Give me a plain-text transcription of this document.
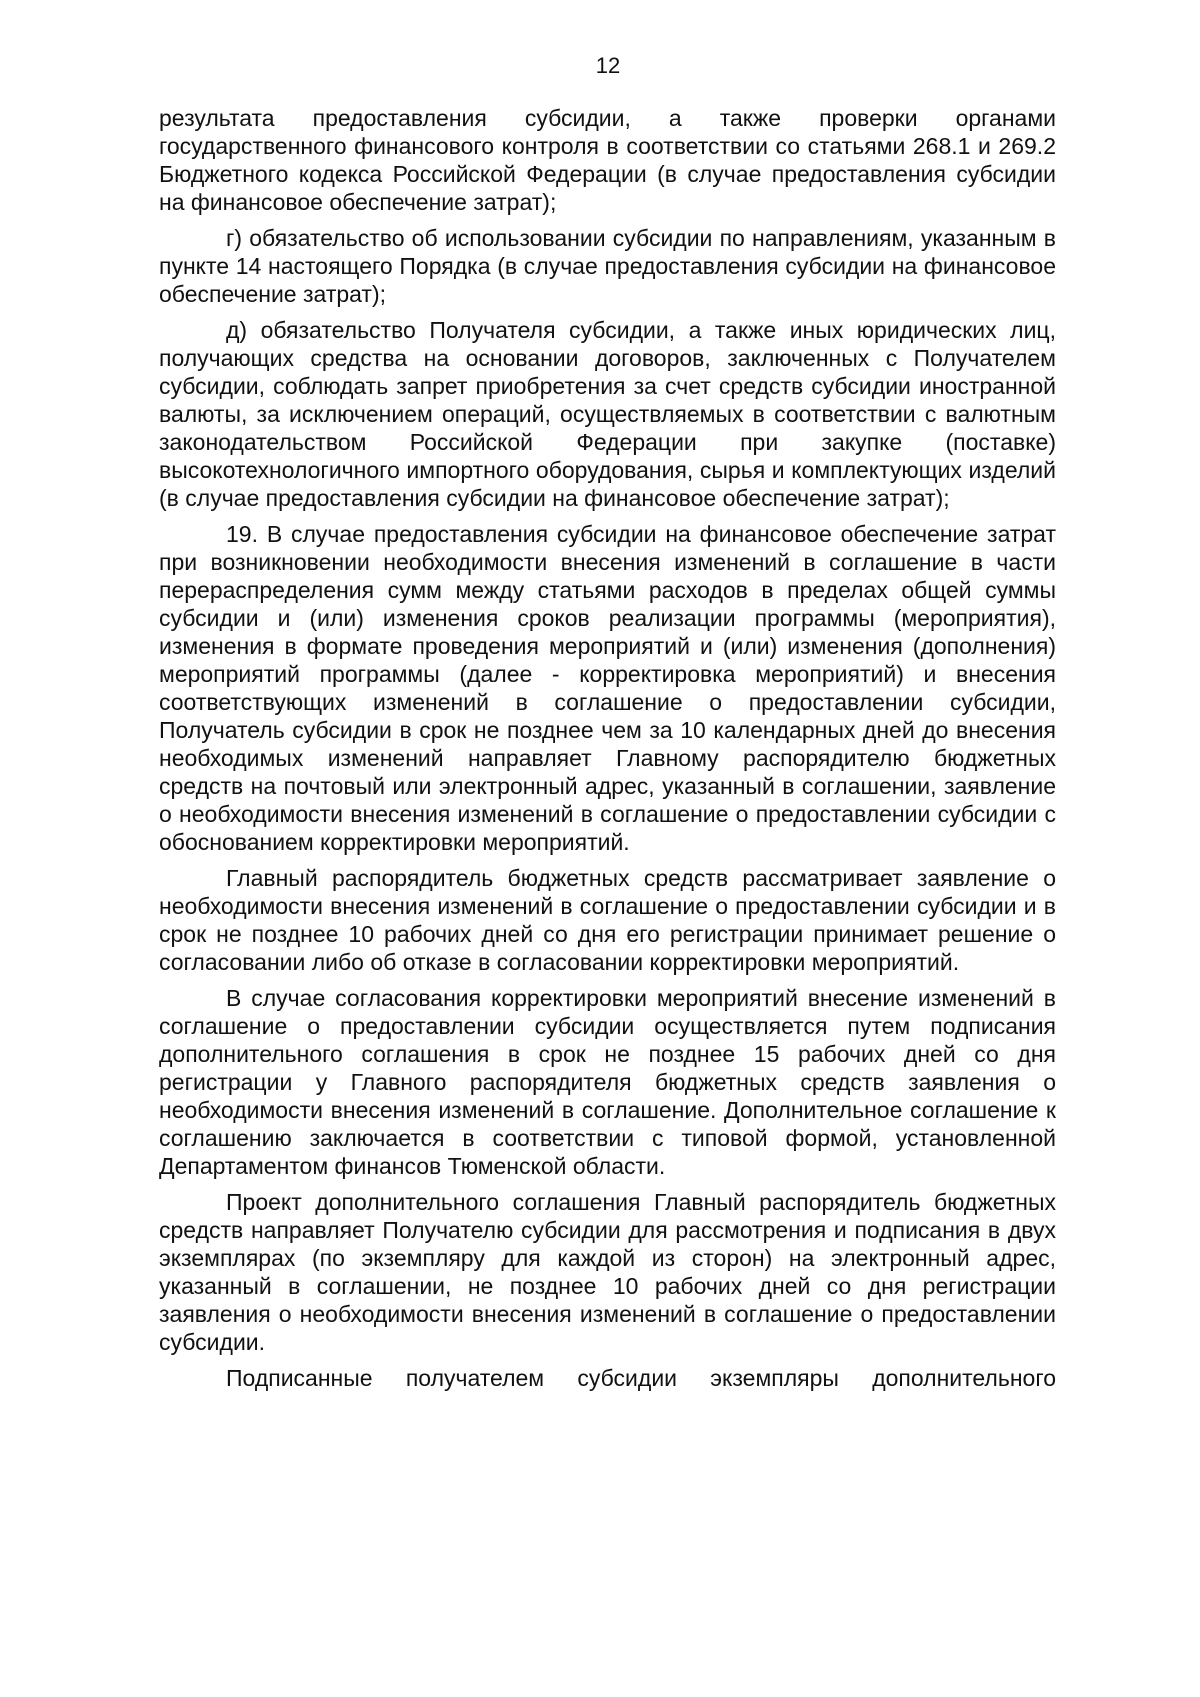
12

результата предоставления субсидии, а также проверки органами государственного финансового контроля в соответствии со статьями 268.1 и 269.2 Бюджетного кодекса Российской Федерации (в случае предоставления субсидии на финансовое обеспечение затрат);

г) обязательство об использовании субсидии по направлениям, указанным в пункте 14 настоящего Порядка (в случае предоставления субсидии на финансовое обеспечение затрат);

д) обязательство Получателя субсидии, а также иных юридических лиц, получающих средства на основании договоров, заключенных с Получателем субсидии, соблюдать запрет приобретения за счет средств субсидии иностранной валюты, за исключением операций, осуществляемых в соответствии с валютным законодательством Российской Федерации при закупке (поставке) высокотехнологичного импортного оборудования, сырья и комплектующих изделий (в случае предоставления субсидии на финансовое обеспечение затрат);

19. В случае предоставления субсидии на финансовое обеспечение затрат при возникновении необходимости внесения изменений в соглашение в части перераспределения сумм между статьями расходов в пределах общей суммы субсидии и (или) изменения сроков реализации программы (мероприятия), изменения в формате проведения мероприятий и (или) изменения (дополнения) мероприятий программы (далее - корректировка мероприятий) и внесения соответствующих изменений в соглашение о предоставлении субсидии, Получатель субсидии в срок не позднее чем за 10 календарных дней до внесения необходимых изменений направляет Главному распорядителю бюджетных средств на почтовый или электронный адрес, указанный в соглашении, заявление о необходимости внесения изменений в соглашение о предоставлении субсидии с обоснованием корректировки мероприятий.

Главный распорядитель бюджетных средств рассматривает заявление о необходимости внесения изменений в соглашение о предоставлении субсидии и в срок не позднее 10 рабочих дней со дня его регистрации принимает решение о согласовании либо об отказе в согласовании корректировки мероприятий.

В случае согласования корректировки мероприятий внесение изменений в соглашение о предоставлении субсидии осуществляется путем подписания дополнительного соглашения в срок не позднее 15 рабочих дней со дня регистрации у Главного распорядителя бюджетных средств заявления о необходимости внесения изменений в соглашение. Дополнительное соглашение к соглашению заключается в соответствии с типовой формой, установленной Департаментом финансов Тюменской области.

Проект дополнительного соглашения Главный распорядитель бюджетных средств направляет Получателю субсидии для рассмотрения и подписания в двух экземплярах (по экземпляру для каждой из сторон) на электронный адрес, указанный в соглашении, не позднее 10 рабочих дней со дня регистрации заявления о необходимости внесения изменений в соглашение о предоставлении субсидии.

Подписанные получателем субсидии экземпляры дополнительного
